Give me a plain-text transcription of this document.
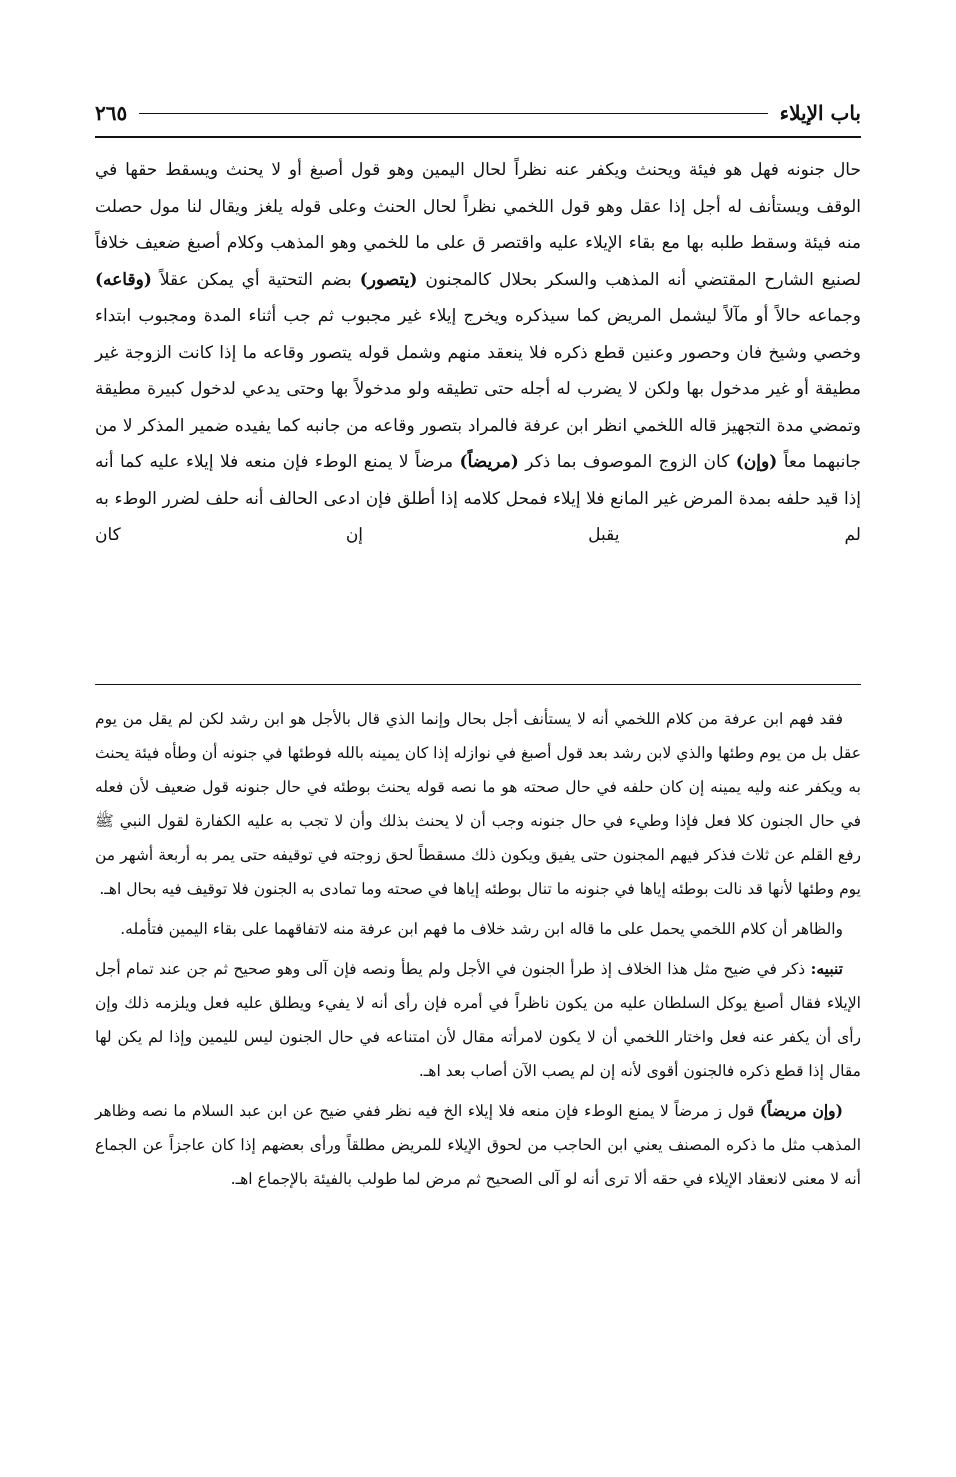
باب الإيلاء
٢٦٥

حال جنونه فهل هو فيئة ويحنث ويكفر عنه نظراً لحال اليمين وهو قول أصبغ أو لا يحنث ويسقط حقها في الوقف ويستأنف له أجل إذا عقل وهو قول اللخمي نظراً لحال الحنث وعلى قوله يلغز ويقال لنا مول حصلت منه فيئة وسقط طلبه بها مع بقاء الإيلاء عليه واقتصر ق على ما للخمي وهو المذهب وكلام أصبغ ضعيف خلافاً لصنيع الشارح المقتضي أنه المذهب والسكر بحلال كالمجنون (يتصور) بضم التحتية أي يمكن عقلاً (وقاعه) وجماعه حالاً أو مآلاً ليشمل المريض كما سيذكره ويخرج إيلاء غير مجبوب ثم جب أثناء المدة ومجبوب ابتداء وخصي وشيخ فان وحصور وعنين قطع ذكره فلا ينعقد منهم وشمل قوله يتصور وقاعه ما إذا كانت الزوجة غير مطيقة أو غير مدخول بها ولكن لا يضرب له أجله حتى تطيقه ولو مدخولاً بها وحتى يدعي لدخول كبيرة مطيقة وتمضي مدة التجهيز قاله اللخمي انظر ابن عرفة فالمراد بتصور وقاعه من جانبه كما يفيده ضمير المذكر لا من جانبهما معاً (وإن) كان الزوج الموصوف بما ذكر (مريضاً) مرضاً لا يمنع الوطء فإن منعه فلا إيلاء عليه كما أنه إذا قيد حلفه بمدة المرض غير المانع فلا إيلاء فمحل كلامه إذا أطلق فإن ادعى الحالف أنه حلف لضرر الوطء به لم يقبل إن كان

فقد فهم ابن عرفة من كلام اللخمي أنه لا يستأنف أجل بحال وإنما الذي قال بالأجل هو ابن رشد لكن لم يقل من يوم عقل بل من يوم وطئها والذي لابن رشد بعد قول أصبغ في نوازله إذا كان يمينه بالله فوطئها في جنونه أن وطأه فيئة يحنث به ويكفر عنه وليه يمينه إن كان حلفه في حال صحته هو ما نصه قوله يحنث بوطئه في حال جنونه قول ضعيف لأن فعله في حال الجنون كلا فعل فإذا وطيء في حال جنونه وجب أن لا يحنث بذلك وأن لا تجب به عليه الكفارة لقول النبي ﷺ رفع القلم عن ثلاث فذكر فيهم المجنون حتى يفيق ويكون ذلك مسقطاً لحق زوجته في توقيفه حتى يمر به أربعة أشهر من يوم وطئها لأنها قد نالت بوطئه إياها في جنونه ما تنال بوطئه إياها في صحته وما تمادى به الجنون فلا توقيف فيه بحال اهـ.

والظاهر أن كلام اللخمي يحمل على ما قاله ابن رشد خلاف ما فهم ابن عرفة منه لاتفاقهما على بقاء اليمين فتأمله.

تنبيه: ذكر في ضيح مثل هذا الخلاف إذ طرأ الجنون في الأجل ولم يطأ ونصه فإن آلى وهو صحيح ثم جن عند تمام أجل الإيلاء فقال أصبغ يوكل السلطان عليه من يكون ناظراً في أمره فإن رأى أنه لا يفيء ويطلق عليه فعل ويلزمه ذلك وإن رأى أن يكفر عنه فعل واختار اللخمي أن لا يكون لامرأته مقال لأن امتناعه في حال الجنون ليس لليمين وإذا لم يكن لها مقال إذا قطع ذكره فالجنون أقوى لأنه إن لم يصب الآن أصاب بعد اهـ.

(وإن مريضاً) قول ز مرضاً لا يمنع الوطء فإن منعه فلا إيلاء الخ فيه نظر ففي ضيح عن ابن عبد السلام ما نصه وظاهر المذهب مثل ما ذكره المصنف يعني ابن الحاجب من لحوق الإيلاء للمريض مطلقاً ورأى بعضهم إذا كان عاجزاً عن الجماع أنه لا معنى لانعقاد الإيلاء في حقه ألا ترى أنه لو آلى الصحيح ثم مرض لما طولب بالفيئة بالإجماع اهـ.
